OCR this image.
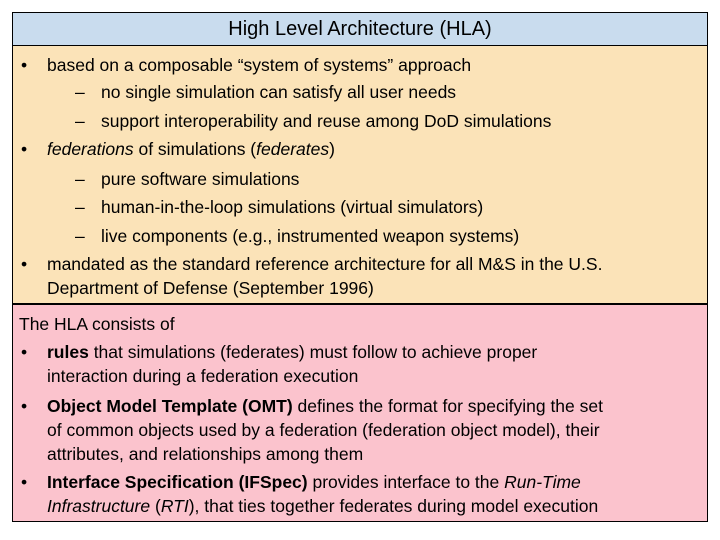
High Level Architecture (HLA)
• based on a composable “system of systems” approach
– no single simulation can satisfy all user needs
– support interoperability and reuse among DoD simulations
• federations of simulations (federates)
– pure software simulations
– human-in-the-loop simulations (virtual simulators)
– live components (e.g., instrumented weapon systems)
• mandated as the standard reference architecture for all M&S in the U.S.
Department of Defense (September 1996)
The HLA consists of
• rules that simulations (federates) must follow to achieve proper
interaction during a federation execution
• Object Model Template (OMT) defines the format for specifying the set
of common objects used by a federation (federation object model), their
attributes, and relationships among them
• Interface Specification (IFSpec) provides interface to the Run-Time
Infrastructure (RTI), that ties together federates during model execution
